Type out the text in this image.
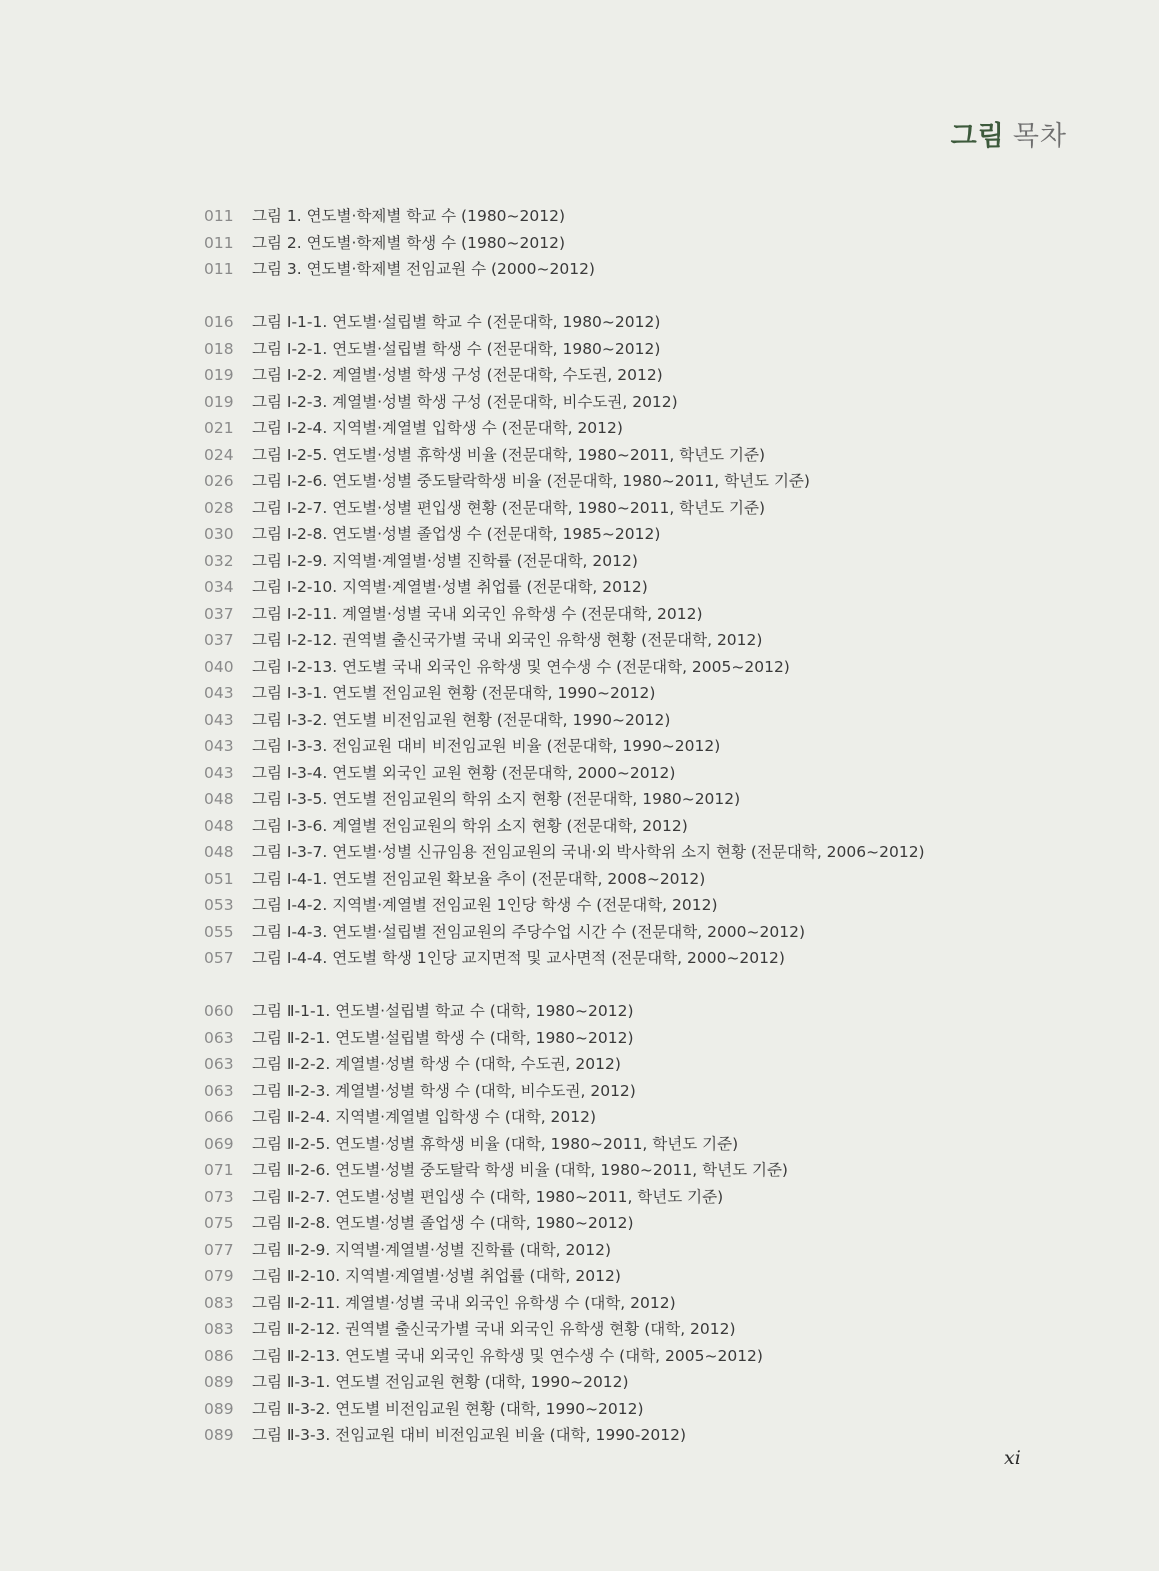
그림 목차
011	그림 1. 연도별·학제별 학교 수 (1980~2012)
011	그림 2. 연도별·학제별 학생 수 (1980~2012)
011	그림 3. 연도별·학제별 전임교원 수 (2000~2012)
016	그림 Ⅰ-1-1. 연도별·설립별 학교 수 (전문대학, 1980~2012)
018	그림 Ⅰ-2-1. 연도별·설립별 학생 수 (전문대학, 1980~2012)
019	그림 Ⅰ-2-2. 계열별·성별 학생 구성 (전문대학, 수도권, 2012)
019	그림 Ⅰ-2-3. 계열별·성별 학생 구성 (전문대학, 비수도권, 2012)
021	그림 Ⅰ-2-4. 지역별·계열별 입학생 수 (전문대학, 2012)
024	그림 Ⅰ-2-5. 연도별·성별 휴학생 비율 (전문대학, 1980~2011, 학년도 기준)
026	그림 Ⅰ-2-6. 연도별·성별 중도탈락학생 비율 (전문대학, 1980~2011, 학년도 기준)
028	그림 Ⅰ-2-7. 연도별·성별 편입생 현황 (전문대학, 1980~2011, 학년도 기준)
030	그림 Ⅰ-2-8. 연도별·성별 졸업생 수 (전문대학, 1985~2012)
032	그림 Ⅰ-2-9. 지역별·계열별·성별 진학률 (전문대학, 2012)
034	그림 Ⅰ-2-10. 지역별·계열별·성별 취업률 (전문대학, 2012)
037	그림 Ⅰ-2-11. 계열별·성별 국내 외국인 유학생 수 (전문대학, 2012)
037	그림 Ⅰ-2-12. 권역별 출신국가별 국내 외국인 유학생 현황 (전문대학, 2012)
040	그림 Ⅰ-2-13. 연도별 국내 외국인 유학생 및 연수생 수 (전문대학, 2005~2012)
043	그림 Ⅰ-3-1. 연도별 전임교원 현황 (전문대학, 1990~2012)
043	그림 Ⅰ-3-2. 연도별 비전임교원 현황 (전문대학, 1990~2012)
043	그림 Ⅰ-3-3. 전임교원 대비 비전임교원 비율 (전문대학, 1990~2012)
043	그림 Ⅰ-3-4. 연도별 외국인 교원 현황 (전문대학, 2000~2012)
048	그림 Ⅰ-3-5. 연도별 전임교원의 학위 소지 현황 (전문대학, 1980~2012)
048	그림 Ⅰ-3-6. 계열별 전임교원의 학위 소지 현황 (전문대학, 2012)
048	그림 Ⅰ-3-7. 연도별·성별 신규임용 전임교원의 국내·외 박사학위 소지 현황 (전문대학, 2006~2012)
051	그림 Ⅰ-4-1. 연도별 전임교원 확보율 추이 (전문대학, 2008~2012)
053	그림 Ⅰ-4-2. 지역별·계열별 전임교원 1인당 학생 수 (전문대학, 2012)
055	그림 Ⅰ-4-3. 연도별·설립별 전임교원의 주당수업 시간 수 (전문대학, 2000~2012)
057	그림 Ⅰ-4-4. 연도별 학생 1인당 교지면적 및 교사면적 (전문대학, 2000~2012)
060	그림 Ⅱ-1-1. 연도별·설립별 학교 수 (대학, 1980~2012)
063	그림 Ⅱ-2-1. 연도별·설립별 학생 수 (대학, 1980~2012)
063	그림 Ⅱ-2-2. 계열별·성별 학생 수 (대학, 수도권, 2012)
063	그림 Ⅱ-2-3. 계열별·성별 학생 수 (대학, 비수도권, 2012)
066	그림 Ⅱ-2-4. 지역별·계열별 입학생 수 (대학, 2012)
069	그림 Ⅱ-2-5. 연도별·성별 휴학생 비율 (대학, 1980~2011, 학년도 기준)
071	그림 Ⅱ-2-6. 연도별·성별 중도탈락 학생 비율 (대학, 1980~2011, 학년도 기준)
073	그림 Ⅱ-2-7. 연도별·성별 편입생 수 (대학, 1980~2011, 학년도 기준)
075	그림 Ⅱ-2-8. 연도별·성별 졸업생 수 (대학, 1980~2012)
077	그림 Ⅱ-2-9. 지역별·계열별·성별 진학률 (대학, 2012)
079	그림 Ⅱ-2-10. 지역별·계열별·성별 취업률 (대학, 2012)
083	그림 Ⅱ-2-11. 계열별·성별 국내 외국인 유학생 수 (대학, 2012)
083	그림 Ⅱ-2-12. 권역별 출신국가별 국내 외국인 유학생 현황 (대학, 2012)
086	그림 Ⅱ-2-13. 연도별 국내 외국인 유학생 및 연수생 수 (대학, 2005~2012)
089	그림 Ⅱ-3-1. 연도별 전임교원 현황 (대학, 1990~2012)
089	그림 Ⅱ-3-2. 연도별 비전임교원 현황 (대학, 1990~2012)
089	그림 Ⅱ-3-3. 전임교원 대비 비전임교원 비율 (대학, 1990-2012)
xi
